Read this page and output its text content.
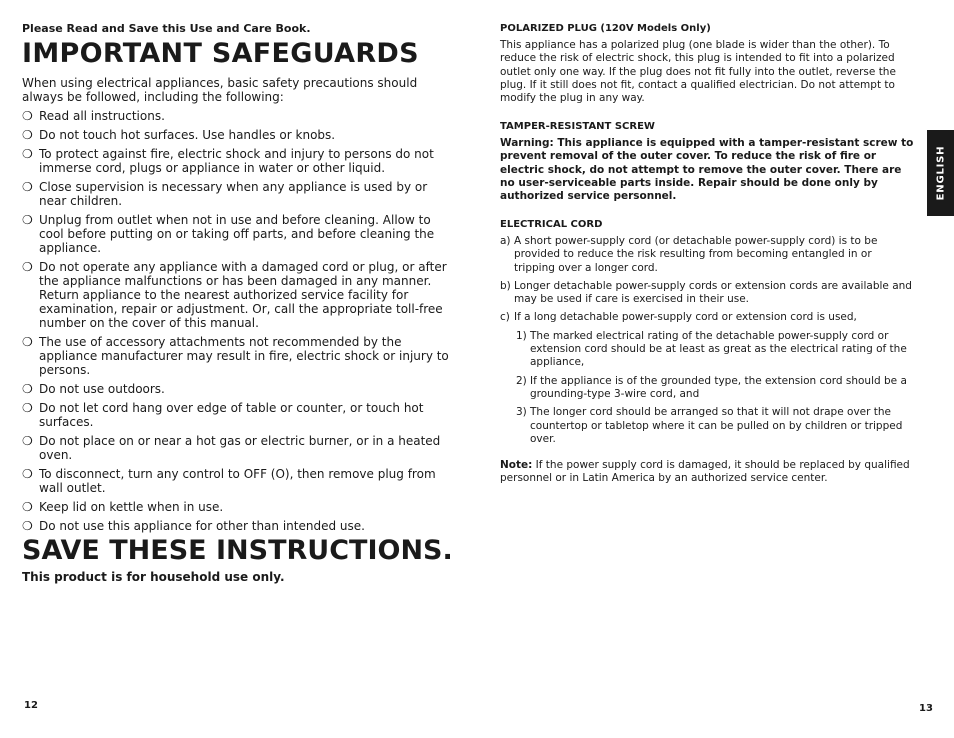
Please Read and Save this Use and Care Book.
IMPORTANT SAFEGUARDS
When using electrical appliances, basic safety precautions should always be followed, including the following:
❍ Read all instructions.
❍ Do not touch hot surfaces. Use handles or knobs.
❍ To protect against fire, electric shock and injury to persons do not immerse cord, plugs or appliance in water or other liquid.
❍ Close supervision is necessary when any appliance is used by or near children.
❍ Unplug from outlet when not in use and before cleaning. Allow to cool before putting on or taking off parts, and before cleaning the appliance.
❍ Do not operate any appliance with a damaged cord or plug, or after the appliance malfunctions or has been damaged in any manner. Return appliance to the nearest authorized service facility for examination, repair or adjustment. Or, call the appropriate toll-free number on the cover of this manual.
❍ The use of accessory attachments not recommended by the appliance manufacturer may result in fire, electric shock or injury to persons.
❍ Do not use outdoors.
❍ Do not let cord hang over edge of table or counter, or touch hot surfaces.
❍ Do not place on or near a hot gas or electric burner, or in a heated oven.
❍ To disconnect, turn any control to OFF (O), then remove plug from wall outlet.
❍ Keep lid on kettle when in use.
❍ Do not use this appliance for other than intended use.
SAVE THESE INSTRUCTIONS.
This product is for household use only.
12
POLARIZED PLUG (120V Models Only)
This appliance has a polarized plug (one blade is wider than the other). To reduce the risk of electric shock, this plug is intended to fit into a polarized outlet only one way. If the plug does not fit fully into the outlet, reverse the plug. If it still does not fit, contact a qualified electrician. Do not attempt to modify the plug in any way.
TAMPER-RESISTANT SCREW
Warning: This appliance is equipped with a tamper-resistant screw to prevent removal of the outer cover. To reduce the risk of fire or electric shock, do not attempt to remove the outer cover. There are no user-serviceable parts inside. Repair should be done only by authorized service personnel.
ELECTRICAL CORD
a) A short power-supply cord (or detachable power-supply cord) is to be provided to reduce the risk resulting from becoming entangled in or tripping over a longer cord.
b) Longer detachable power-supply cords or extension cords are available and may be used if care is exercised in their use.
c) If a long detachable power-supply cord or extension cord is used,
1) The marked electrical rating of the detachable power-supply cord or extension cord should be at least as great as the electrical rating of the appliance,
2) If the appliance is of the grounded type, the extension cord should be a grounding-type 3-wire cord, and
3) The longer cord should be arranged so that it will not drape over the countertop or tabletop where it can be pulled on by children or tripped over.
Note: If the power supply cord is damaged, it should be replaced by qualified personnel or in Latin America by an authorized service center.
13
ENGLISH
